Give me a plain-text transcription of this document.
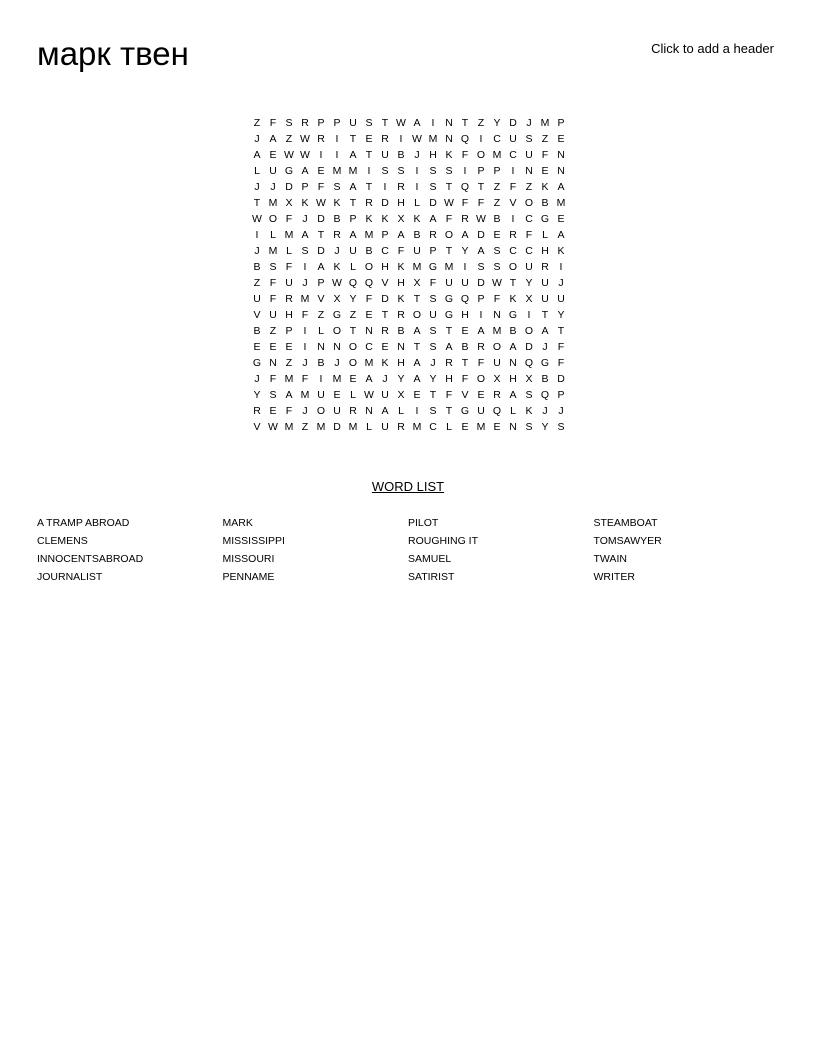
марк твен	Click to add a header
Z F S R P P U S T W A	I	N T Z Y D J M P
J A Z W R	I	T E R	I W M N Q I	C U S Z E
A E W W I	I	A T U B J H K F O M C U F N
L U G A E M M I	S S	I	S S	I	P P	I	N E N
J	J D P F S A T	I	R	I	S T Q T Z F Z K A
T M X K W K T R D H L D W F F Z V O B M
W O F J D B P K K X K A F R W B	I	C G E
I	L M A T R A M P A B R O A D E R F L A
J M L S D J U B C F U P T Y A S C C H K
B S F	I	A K L O H K M G M I	S S O U R	I
Z F U J P W Q Q V H X F U U D W T Y U J
U F R M V X Y F D K T S G Q P F K X U U
V U H F Z G Z E T R O U G H	I	N G I	T Y
B Z P	I	L O T N R B A S T E A M B O A T
E E E	I	N N O C E N T S A B R O A D J F
G N Z J B J O M K H A J R T F U N Q G F
J F M F	I M E A J Y A Y H F O X H X B D
Y S A M U E L W U X E T F V E R A S Q P
R E F J O U R N A L	I	S T G U Q L K J	J
V W M Z M D M L U R M C L E M E N S Y S
WORD LIST
A TRAMP ABROAD	MARK	PILOT	STEAMBOAT
CLEMENS	MISSISSIPPI	ROUGHING IT	TOMSAWYER
INNOCENTSABROAD	MISSOURI	SAMUEL	TWAIN
JOURNALIST	PENNAME	SATIRIST	WRITER
